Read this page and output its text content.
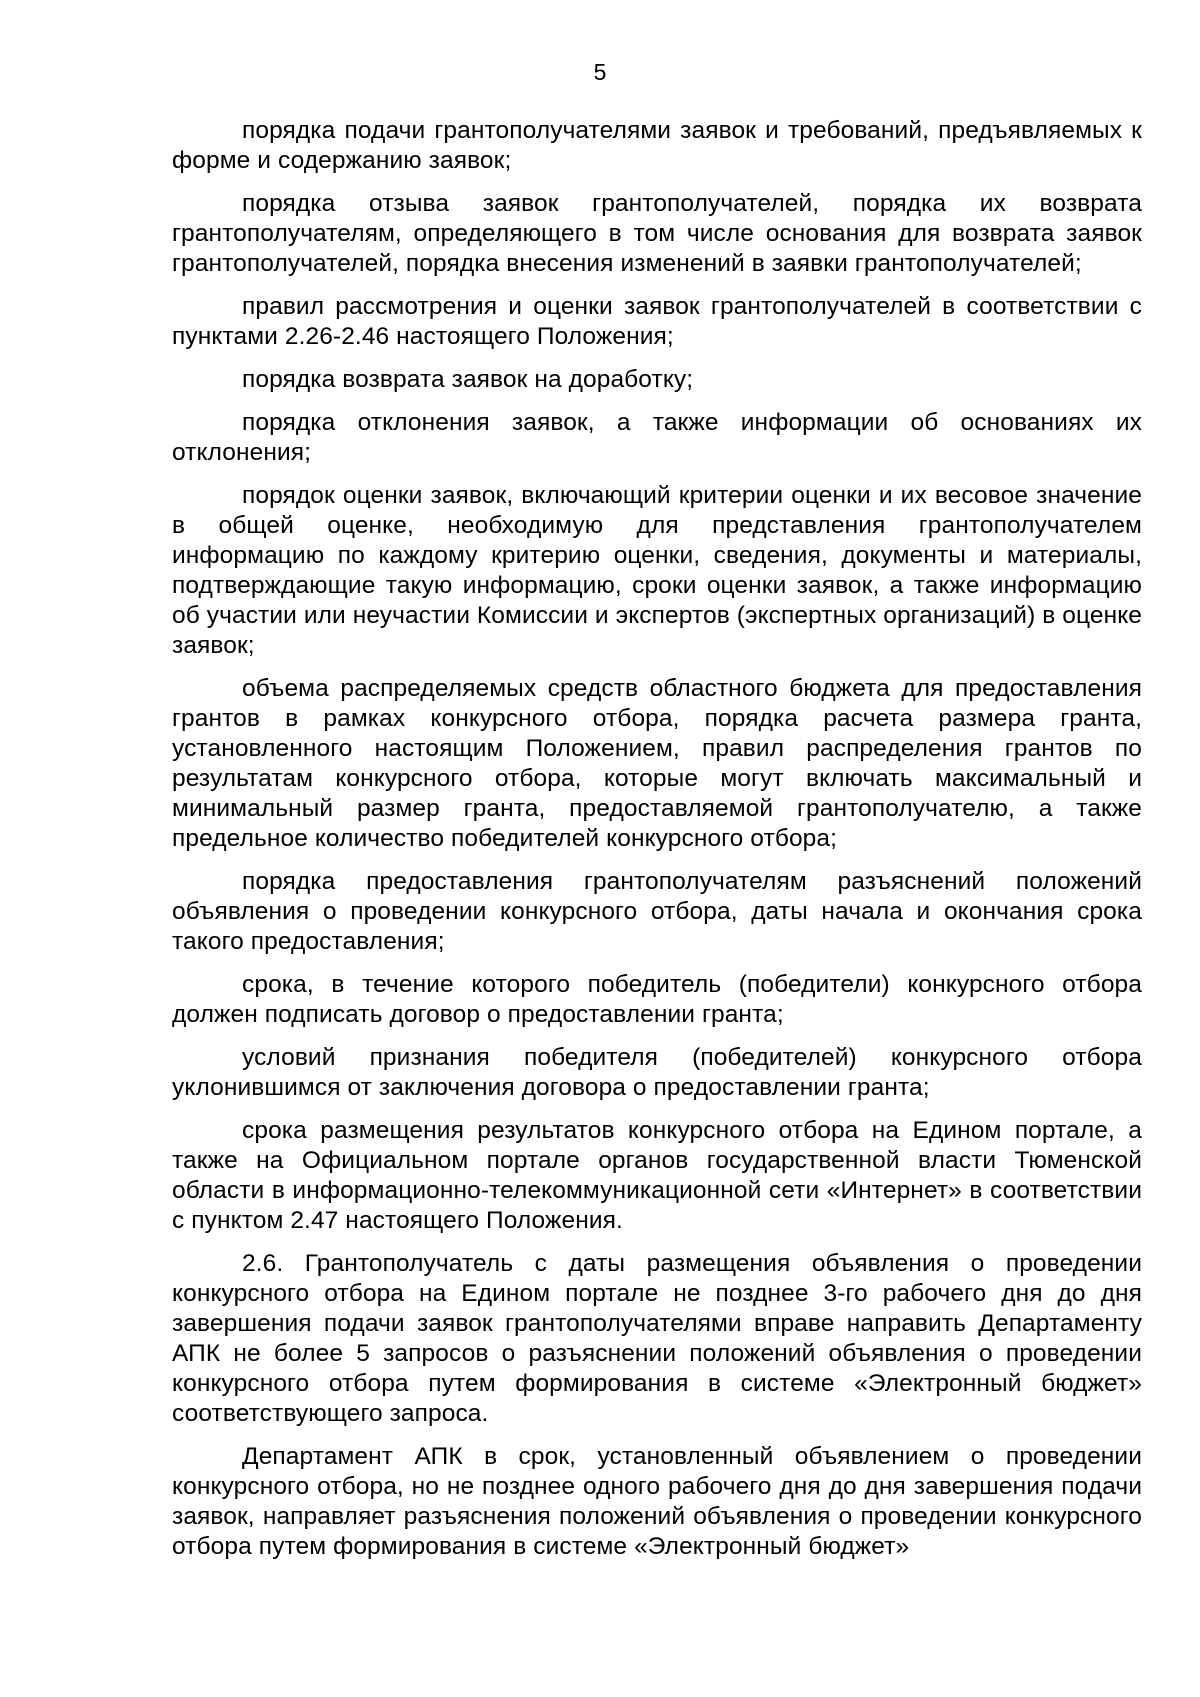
5

порядка подачи грантополучателями заявок и требований, предъявляемых к форме и содержанию заявок;

порядка отзыва заявок грантополучателей, порядка их возврата грантополучателям, определяющего в том числе основания для возврата заявок грантополучателей, порядка внесения изменений в заявки грантополучателей;

правил рассмотрения и оценки заявок грантополучателей в соответствии с пунктами 2.26-2.46 настоящего Положения;

порядка возврата заявок на доработку;

порядка отклонения заявок, а также информации об основаниях их отклонения;

порядок оценки заявок, включающий критерии оценки и их весовое значение в общей оценке, необходимую для представления грантополучателем информацию по каждому критерию оценки, сведения, документы и материалы, подтверждающие такую информацию, сроки оценки заявок, а также информацию об участии или неучастии Комиссии и экспертов (экспертных организаций) в оценке заявок;

объема распределяемых средств областного бюджета для предоставления грантов в рамках конкурсного отбора, порядка расчета размера гранта, установленного настоящим Положением, правил распределения грантов по результатам конкурсного отбора, которые могут включать максимальный и минимальный размер гранта, предоставляемой грантополучателю, а также предельное количество победителей конкурсного отбора;

порядка предоставления грантополучателям разъяснений положений объявления о проведении конкурсного отбора, даты начала и окончания срока такого предоставления;

срока, в течение которого победитель (победители) конкурсного отбора должен подписать договор о предоставлении гранта;

условий признания победителя (победителей) конкурсного отбора уклонившимся от заключения договора о предоставлении гранта;

срока размещения результатов конкурсного отбора на Едином портале, а также на Официальном портале органов государственной власти Тюменской области в информационно-телекоммуникационной сети «Интернет» в соответствии с пунктом 2.47 настоящего Положения.

2.6. Грантополучатель с даты размещения объявления о проведении конкурсного отбора на Едином портале не позднее 3-го рабочего дня до дня завершения подачи заявок грантополучателями вправе направить Департаменту АПК не более 5 запросов о разъяснении положений объявления о проведении конкурсного отбора путем формирования в системе «Электронный бюджет» соответствующего запроса.

Департамент АПК в срок, установленный объявлением о проведении конкурсного отбора, но не позднее одного рабочего дня до дня завершения подачи заявок, направляет разъяснения положений объявления о проведении конкурсного отбора путем формирования в системе «Электронный бюджет»
